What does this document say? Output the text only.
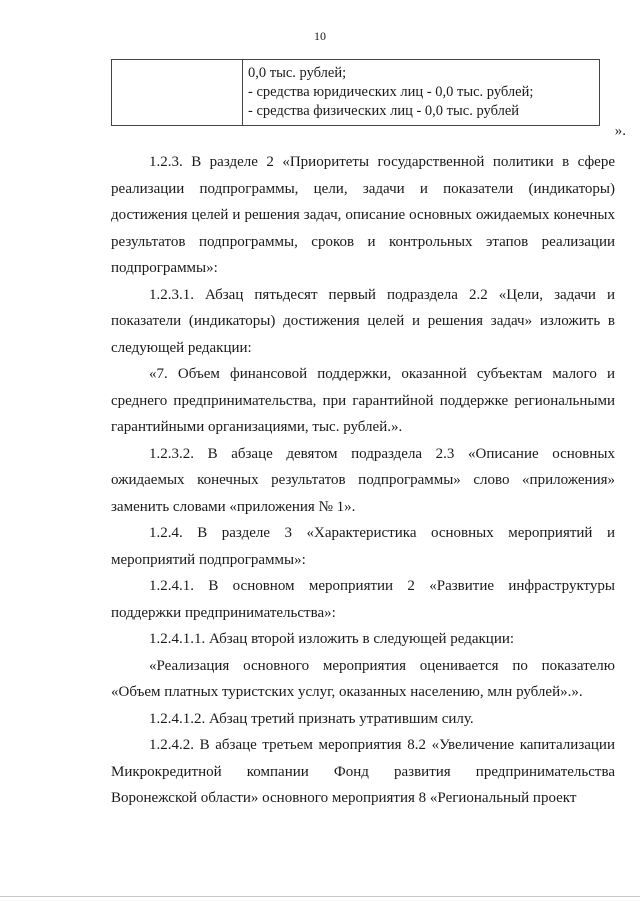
10

0,0 тыс. рублей;
- средства юридических лиц - 0,0 тыс. рублей;
- средства физических лиц - 0,0 тыс. рублей
».

1.2.3. В разделе 2 «Приоритеты государственной политики в сфере реализации подпрограммы, цели, задачи и показатели (индикаторы) достижения целей и решения задач, описание основных ожидаемых конечных результатов подпрограммы, сроков и контрольных этапов реализации подпрограммы»:

1.2.3.1. Абзац пятьдесят первый подраздела 2.2 «Цели, задачи и показатели (индикаторы) достижения целей и решения задач» изложить в следующей редакции:

«7. Объем финансовой поддержки, оказанной субъектам малого и среднего предпринимательства, при гарантийной поддержке региональными гарантийными организациями, тыс. рублей.».

1.2.3.2. В абзаце девятом подраздела 2.3 «Описание основных ожидаемых конечных результатов подпрограммы» слово «приложения» заменить словами «приложения № 1».

1.2.4. В разделе 3 «Характеристика основных мероприятий и мероприятий подпрограммы»:

1.2.4.1. В основном мероприятии 2 «Развитие инфраструктуры поддержки предпринимательства»:

1.2.4.1.1. Абзац второй изложить в следующей редакции:

«Реализация основного мероприятия оценивается по показателю «Объем платных туристских услуг, оказанных населению, млн рублей».».

1.2.4.1.2. Абзац третий признать утратившим силу.

1.2.4.2. В абзаце третьем мероприятия 8.2 «Увеличение капитализации Микрокредитной компании Фонд развития предпринимательства Воронежской области» основного мероприятия 8 «Региональный проект
